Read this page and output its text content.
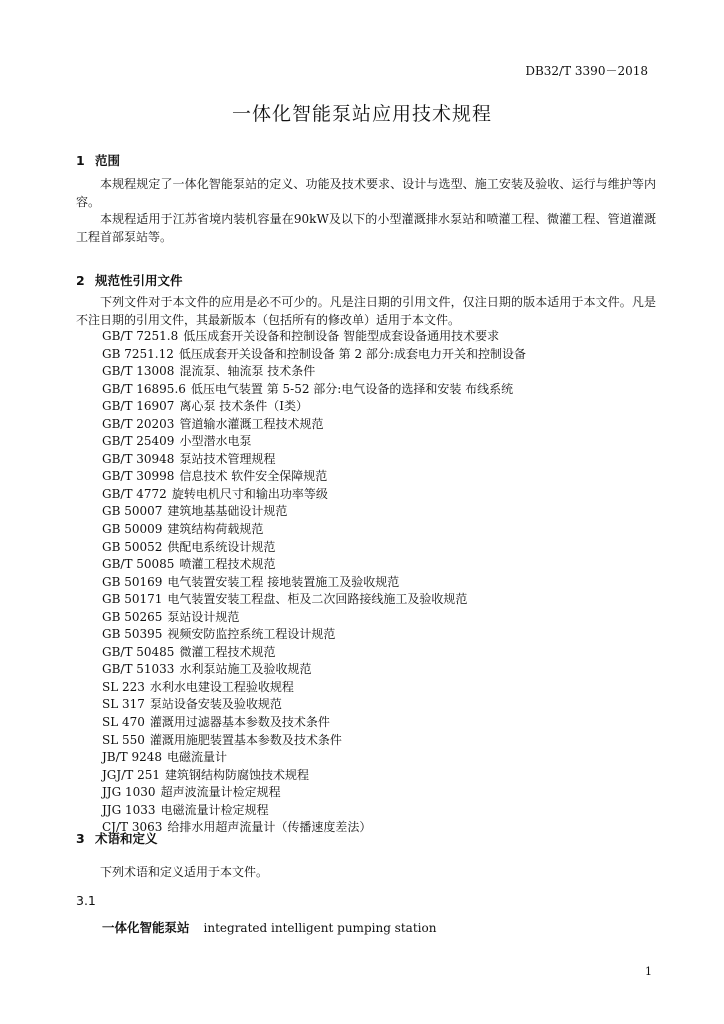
DB32/T 3390－2018
一体化智能泵站应用技术规程
1 范围
本规程规定了一体化智能泵站的定义、功能及技术要求、设计与选型、施工安装及验收、运行与维护等内容。
本规程适用于江苏省境内装机容量在90kW及以下的小型灌溉排水泵站和喷灌工程、微灌工程、管道灌溉工程首部泵站等。
2 规范性引用文件
下列文件对于本文件的应用是必不可少的。凡是注日期的引用文件，仅注日期的版本适用于本文件。凡是不注日期的引用文件，其最新版本（包括所有的修改单）适用于本文件。
GB/T 7251.8 低压成套开关设备和控制设备 智能型成套设备通用技术要求
GB 7251.12 低压成套开关设备和控制设备 第 2 部分:成套电力开关和控制设备
GB/T 13008 混流泵、轴流泵 技术条件
GB/T 16895.6 低压电气装置 第 5-52 部分:电气设备的选择和安装 布线系统
GB/T 16907 离心泵 技术条件（Ⅰ类）
GB/T 20203 管道输水灌溉工程技术规范
GB/T 25409 小型潜水电泵
GB/T 30948 泵站技术管理规程
GB/T 30998 信息技术 软件安全保障规范
GB/T 4772 旋转电机尺寸和输出功率等级
GB 50007 建筑地基基础设计规范
GB 50009 建筑结构荷载规范
GB 50052 供配电系统设计规范
GB/T 50085 喷灌工程技术规范
GB 50169 电气装置安装工程 接地装置施工及验收规范
GB 50171 电气装置安装工程盘、柜及二次回路接线施工及验收规范
GB 50265 泵站设计规范
GB 50395 视频安防监控系统工程设计规范
GB/T 50485 微灌工程技术规范
GB/T 51033 水利泵站施工及验收规范
SL 223 水利水电建设工程验收规程
SL 317 泵站设备安装及验收规范
SL 470 灌溉用过滤器基本参数及技术条件
SL 550 灌溉用施肥装置基本参数及技术条件
JB/T 9248 电磁流量计
JGJ/T 251 建筑钢结构防腐蚀技术规程
JJG 1030 超声波流量计检定规程
JJG 1033 电磁流量计检定规程
CJ/T 3063 给排水用超声流量计（传播速度差法）
3 术语和定义
下列术语和定义适用于本文件。
3.1
一体化智能泵站 integrated intelligent pumping station
1
